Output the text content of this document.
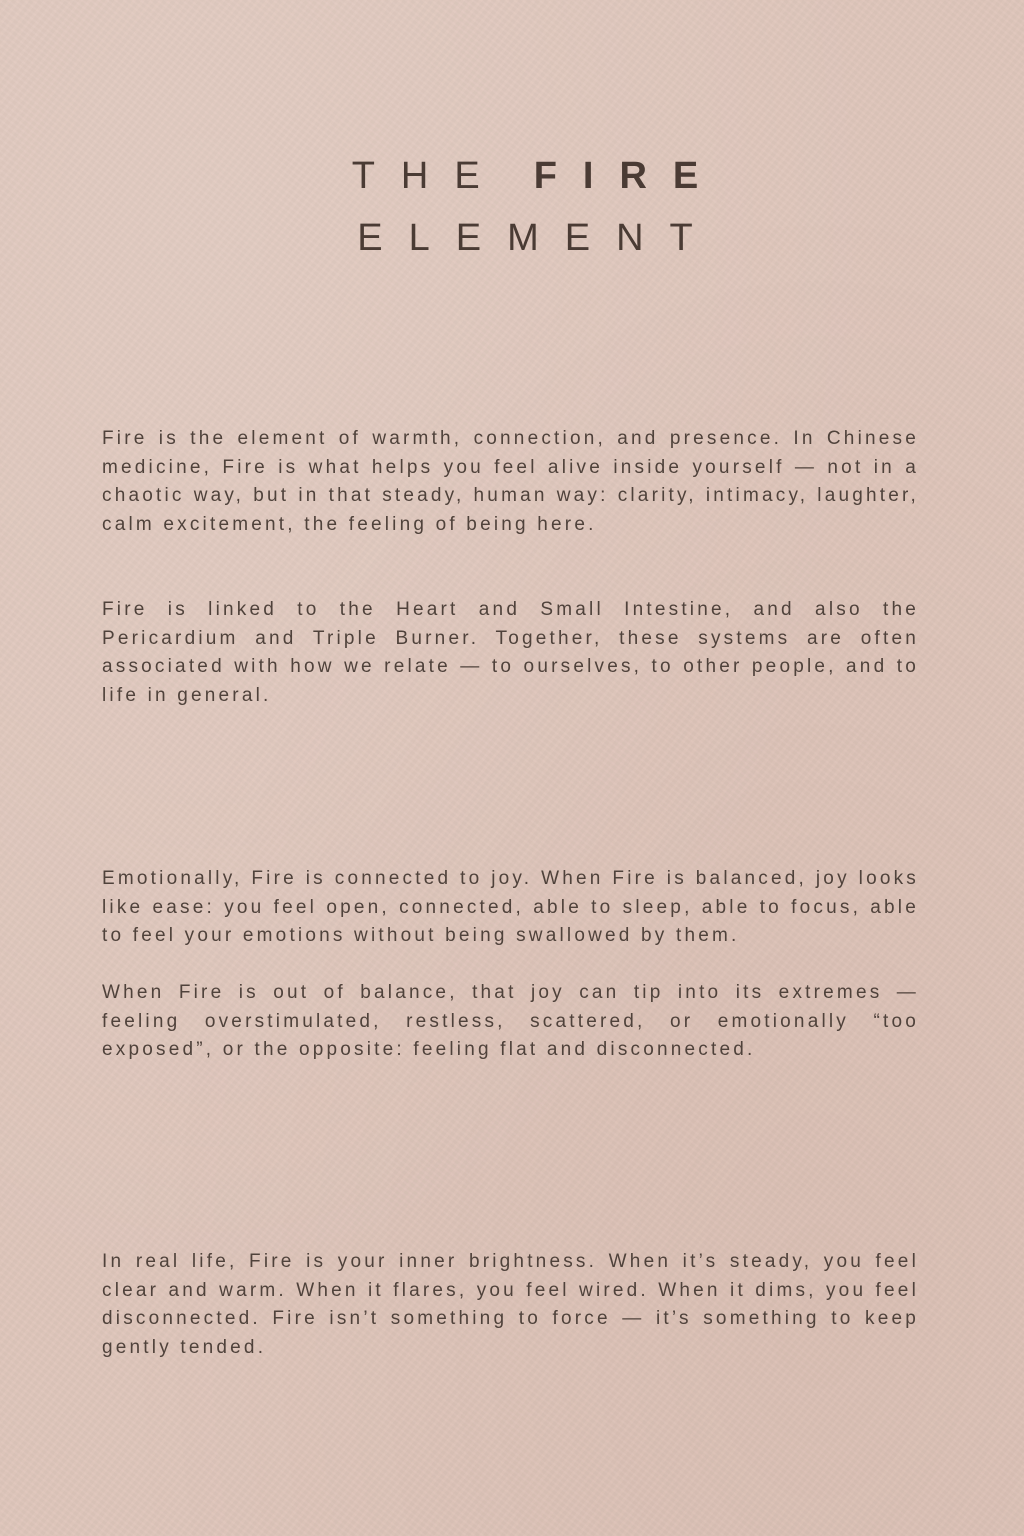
THE FIRE
ELEMENT

Fire is the element of warmth, connection, and presence. In Chinese medicine, Fire is what helps you feel alive inside yourself — not in a chaotic way, but in that steady, human way: clarity, intimacy, laughter, calm excitement, the feeling of being here.

Fire is linked to the Heart and Small Intestine, and also the Pericardium and Triple Burner. Together, these systems are often associated with how we relate — to ourselves, to other people, and to life in general.

Emotionally, Fire is connected to joy. When Fire is balanced, joy looks like ease: you feel open, connected, able to sleep, able to focus, able to feel your emotions without being swallowed by them.

When Fire is out of balance, that joy can tip into its extremes — feeling overstimulated, restless, scattered, or emotionally “too exposed”, or the opposite: feeling flat and disconnected.

In real life, Fire is your inner brightness. When it’s steady, you feel clear and warm. When it flares, you feel wired. When it dims, you feel disconnected. Fire isn’t something to force — it’s something to keep gently tended.
